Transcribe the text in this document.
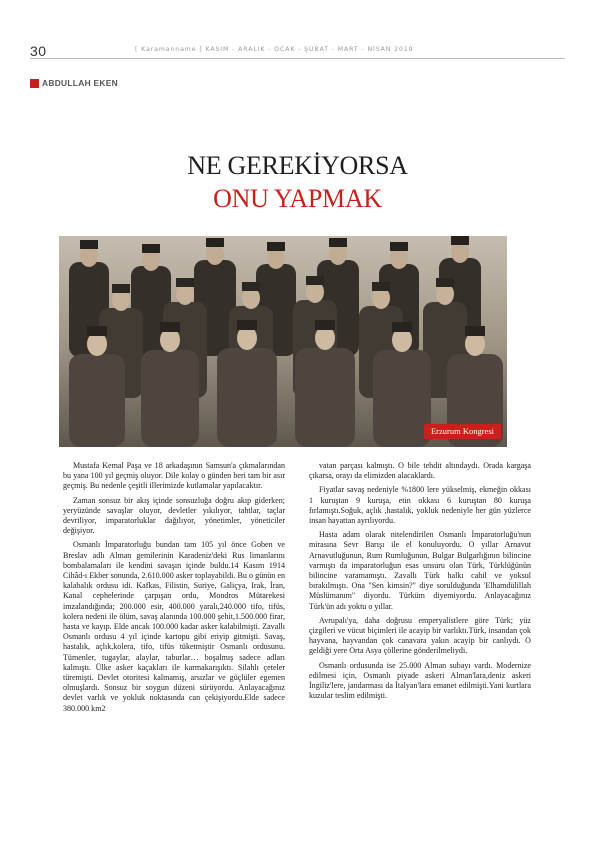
30	[ Karamanname ] KASIM - ARALIK - OCAK - ŞUBAT - MART - NİSAN 2019
ABDULLAH EKEN
NE GEREKİYORSA
ONU YAPMAK
Erzurum Kongresi

Mustafa Kemal Paşa ve 18 arkadaşının Samsun'a çıkmalarından bu yana 100 yıl geçmiş oluyor. Dile kolay o günden beri tam bir asır geçmiş. Bu nedenle çeşitli illerimizde kutlamalar yapılacaktır.

Zaman sonsuz bir akış içinde sonsuzluğa doğru akıp giderken; yeryüzünde savaşlar oluyor, devletler yıkılıyor, tahtlar, taçlar devriliyor, imparatorluklar dağılıyor, yönetimler, yöneticiler değişiyor.

Osmanlı İmparatorluğu bundan tam 105 yıl önce Goben ve Breslav adlı Alman gemilerinin Karadeniz'deki Rus limanlarını bombalamaları ile kendini savaşın içinde buldu.14 Kasım 1914 Cihâd-ı Ekber sonunda, 2.610.000 asker toplayabildi. Bu o günün en kalabalık ordusu idi. Kafkas, Filistin, Suriye, Galiçya, Irak, İran, Kanal cephelerinde çarpışan ordu, Mondros Mütarekesi imzalandığında; 200.000 esir, 400.000 yaralı,240.000 tifo, tifüs, kolera nedeni ile ölüm, savaş alanında 100.000 şehit,1.500.000 firar, hasta ve kayıp. Elde ancak 100.000 kadar asker kalabilmişti. Zavallı Osmanlı ordusu 4 yıl içinde kartopu gibi eriyip gitmişti. Savaş, hastalık, açlık,kolera, tifo, tifüs tüketmiştir Osmanlı ordusunu. Tümenler, tugaylar, alaylar, taburlar… boşalmış sadece adları kalmıştı. Ülke asker kaçakları ile karmakarışıktı. Silahlı çeteler türemişti. Devlet otoritesi kalmamış, arsızlar ve güçlüler egemen olmuşlardı. Sonsuz bir soygun düzeni sürüyordu. Anlayacağınız devlet varlık ve yokluk noktasında can çekişiyordu.Elde sadece 380.000 km2

vatan parçası kalmıştı. O bile tehdit altındaydı. Orada kargaşa çıkarsa, orayı da elimizden alacaklardı.

Fiyatlar savaş nedeniyle %1800 lere yükselmiş, ekmeğin okkası 1 kuruştan 9 kuruşa, etin okkası 6 kuruştan 80 kuruşa fırlamıştı.Soğuk, açlık ,hastalık, yokluk nedeniyle her gün yüzlerce insan hayattan ayrılıyordu.

Hasta adam olarak nitelendirilen Osmanlı İmparatorluğu'nun mirasına Sevr Barışı ile el konuluyordu. O yıllar Arnavut Arnavutluğunun, Rum Rumluğunun, Bulgar Bulgarlığının bilincine varmıştı da imparatorluğun esas unsuru olan Türk, Türklüğünün bilincine varamamıştı. Zavallı Türk halkı cahil ve yoksul bırakılmıştı. Ona "Sen kimsin?" diye sorulduğunda 'Elhamdülillah Müslümanım" diyordu. Türküm diyemiyordu. Anlayacağınız Türk'ün adı yoktu o yıllar.

Avrupalı'ya, daha doğrusu emperyalistlere göre Türk; yüz çizgileri ve vücut biçimleri ile acayip bir varlıktı.Türk, insandan çok hayvana, hayvandan çok canavara yakın acayip bir canlıydı. O geldiği yere Orta Asya çöllerine gönderilmeliydi.

Osmanlı ordusunda ise 25.000 Alman subayı vardı. Modernize edilmesi için, Osmanlı piyade askeri Alman'lara,deniz askeri İngiliz'lere, jandarması da İtalyan'lara emanet edilmişti.Yani kurtlara kuzular teslim edilmişti.
